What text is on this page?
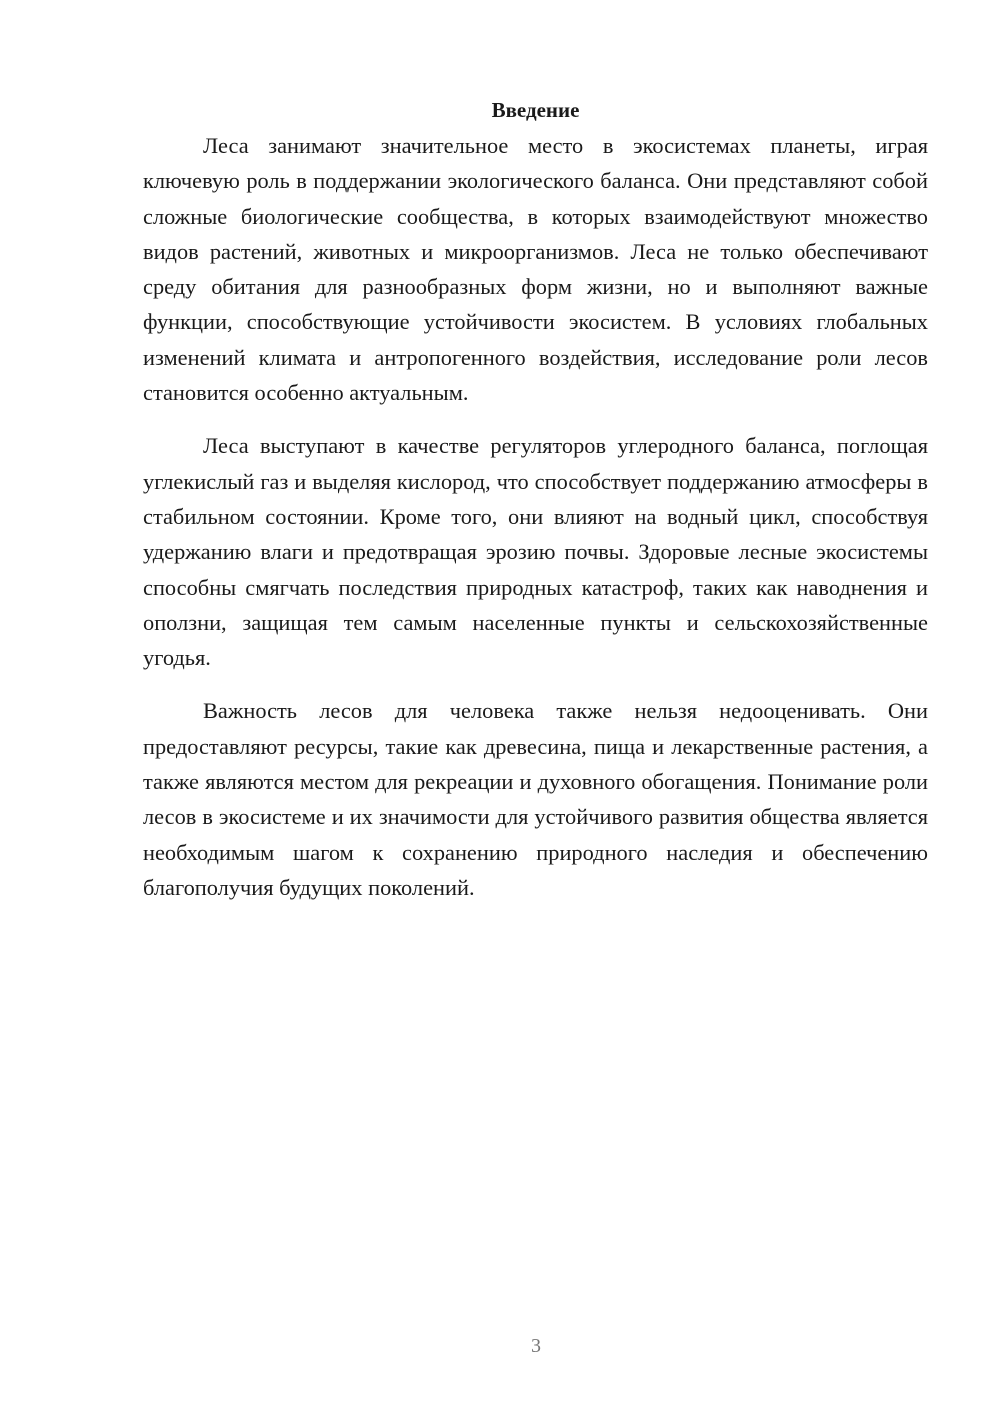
Введение

Леса занимают значительное место в экосистемах планеты, играя ключевую роль в поддержании экологического баланса. Они представляют собой сложные биологические сообщества, в которых взаимодействуют множество видов растений, животных и микроорганизмов. Леса не только обеспечивают среду обитания для разнообразных форм жизни, но и выполняют важные функции, способствующие устойчивости экосистем. В условиях глобальных изменений климата и антропогенного воздействия, исследование роли лесов становится особенно актуальным.

Леса выступают в качестве регуляторов углеродного баланса, поглощая углекислый газ и выделяя кислород, что способствует поддержанию атмосферы в стабильном состоянии. Кроме того, они влияют на водный цикл, способствуя удержанию влаги и предотвращая эрозию почвы. Здоровые лесные экосистемы способны смягчать последствия природных катастроф, таких как наводнения и оползни, защищая тем самым населенные пункты и сельскохозяйственные угодья.

Важность лесов для человека также нельзя недооценивать. Они предоставляют ресурсы, такие как древесина, пища и лекарственные растения, а также являются местом для рекреации и духовного обогащения. Понимание роли лесов в экосистеме и их значимости для устойчивого развития общества является необходимым шагом к сохранению природного наследия и обеспечению благополучия будущих поколений.

3
